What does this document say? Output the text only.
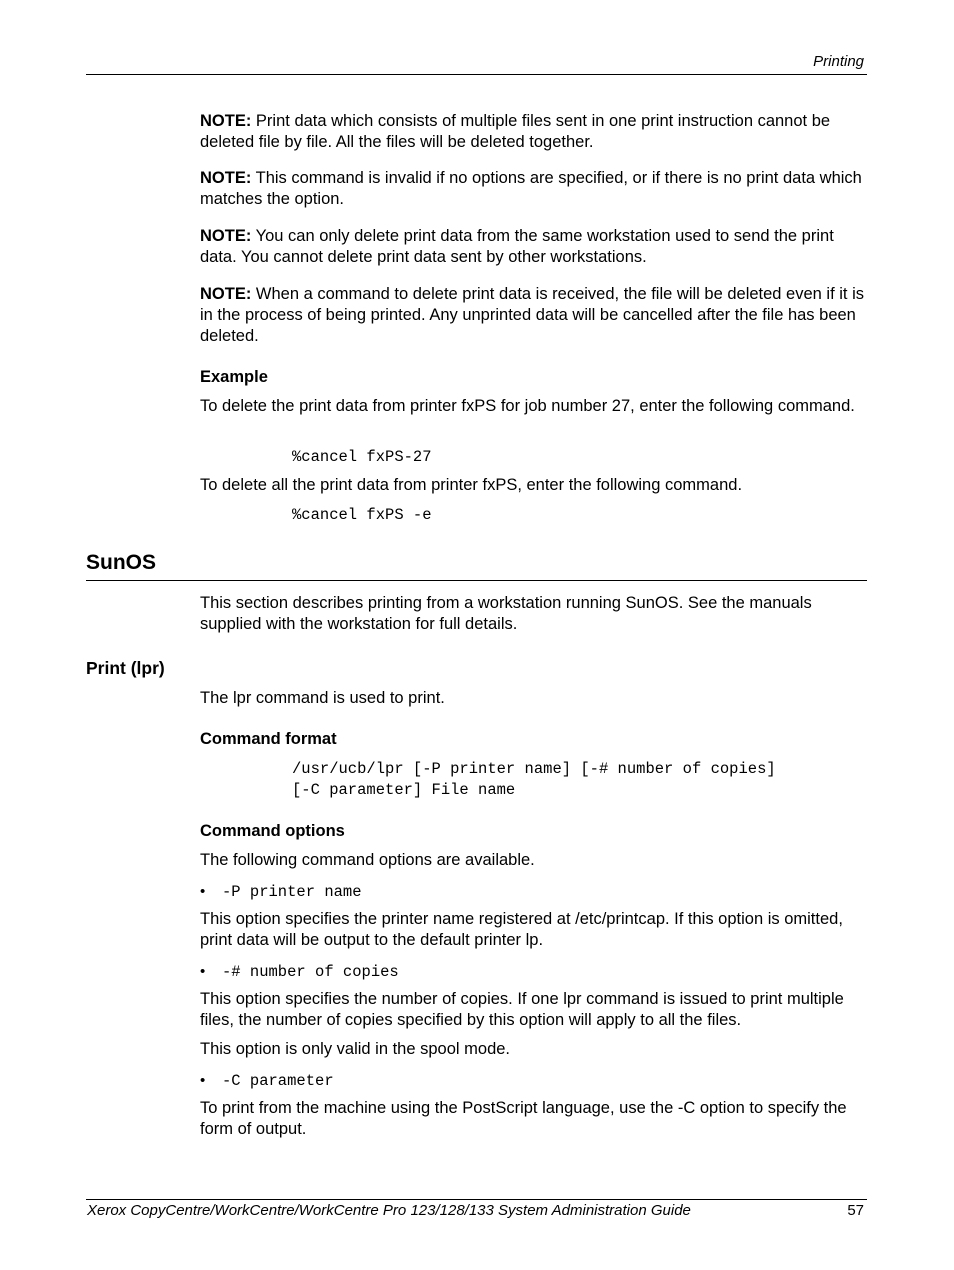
Printing
NOTE: Print data which consists of multiple files sent in one print instruction cannot be deleted file by file. All the files will be deleted together.
NOTE: This command is invalid if no options are specified, or if there is no print data which matches the option.
NOTE: You can only delete print data from the same workstation used to send the print data. You cannot delete print data sent by other workstations.
NOTE: When a command to delete print data is received, the file will be deleted even if it is in the process of being printed. Any unprinted data will be cancelled after the file has been deleted.
Example
To delete the print data from printer fxPS for job number 27, enter the following command.
%cancel fxPS-27
To delete all the print data from printer fxPS, enter the following command.
%cancel fxPS -e
SunOS
This section describes printing from a workstation running SunOS. See the manuals supplied with the workstation for full details.
Print (lpr)
The lpr command is used to print.
Command format
/usr/ucb/lpr [-P printer name] [-# number of copies]
[-C parameter] File name
Command options
The following command options are available.
• -P printer name
This option specifies the printer name registered at /etc/printcap. If this option is omitted, print data will be output to the default printer lp.
• -# number of copies
This option specifies the number of copies. If one lpr command is issued to print multiple files, the number of copies specified by this option will apply to all the files.
This option is only valid in the spool mode.
• -C parameter
To print from the machine using the PostScript language, use the -C option to specify the form of output.
Xerox CopyCentre/WorkCentre/WorkCentre Pro 123/128/133 System Administration Guide	57
